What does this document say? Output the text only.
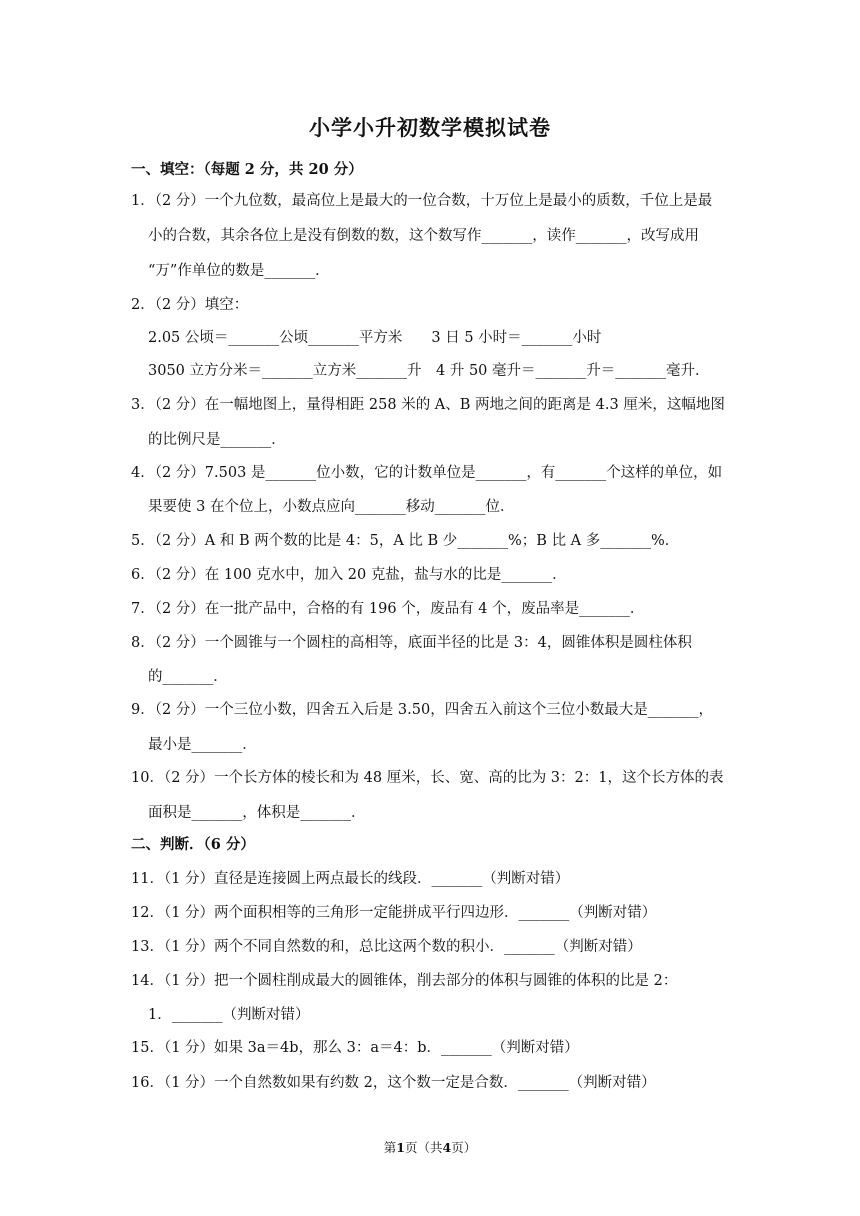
小学小升初数学模拟试卷
一、填空：（每题 2 分，共 20 分）
1．（2 分）一个九位数，最高位上是最大的一位合数，十万位上是最小的质数，千位上是最
小的合数，其余各位上是没有倒数的数，这个数写作_______，读作_______，改写成用
“万”作单位的数是_______．
2．（2 分）填空：
2.05 公顷＝_______公顷_______平方米　　3 日 5 小时＝_______小时
3050 立方分米＝_______立方米_______升　4 升 50 毫升＝_______升＝_______毫升．
3．（2 分）在一幅地图上，量得相距 258 米的 A、B 两地之间的距离是 4.3 厘米，这幅地图
的比例尺是_______．
4．（2 分）7.503 是_______位小数，它的计数单位是_______，有_______个这样的单位，如
果要使 3 在个位上，小数点应向_______移动_______位．
5．（2 分）A 和 B 两个数的比是 4：5，A 比 B 少_______%；B 比 A 多_______%．
6．（2 分）在 100 克水中，加入 20 克盐，盐与水的比是_______．
7．（2 分）在一批产品中，合格的有 196 个，废品有 4 个，废品率是_______．
8．（2 分）一个圆锥与一个圆柱的高相等，底面半径的比是 3：4，圆锥体积是圆柱体积
的_______．
9．（2 分）一个三位小数，四舍五入后是 3.50，四舍五入前这个三位小数最大是_______，
最小是_______．
10．（2 分）一个长方体的棱长和为 48 厘米，长、宽、高的比为 3：2：1，这个长方体的表
面积是_______，体积是_______．
二、判断．（6 分）
11．（1 分）直径是连接圆上两点最长的线段．_______（判断对错）
12．（1 分）两个面积相等的三角形一定能拼成平行四边形．_______（判断对错）
13．（1 分）两个不同自然数的和，总比这两个数的积小．_______（判断对错）
14．（1 分）把一个圆柱削成最大的圆锥体，削去部分的体积与圆锥的体积的比是 2：
1．_______（判断对错）
15．（1 分）如果 3a＝4b，那么 3：a＝4：b．_______（判断对错）
16．（1 分）一个自然数如果有约数 2，这个数一定是合数．_______（判断对错）
第1页（共4页）
